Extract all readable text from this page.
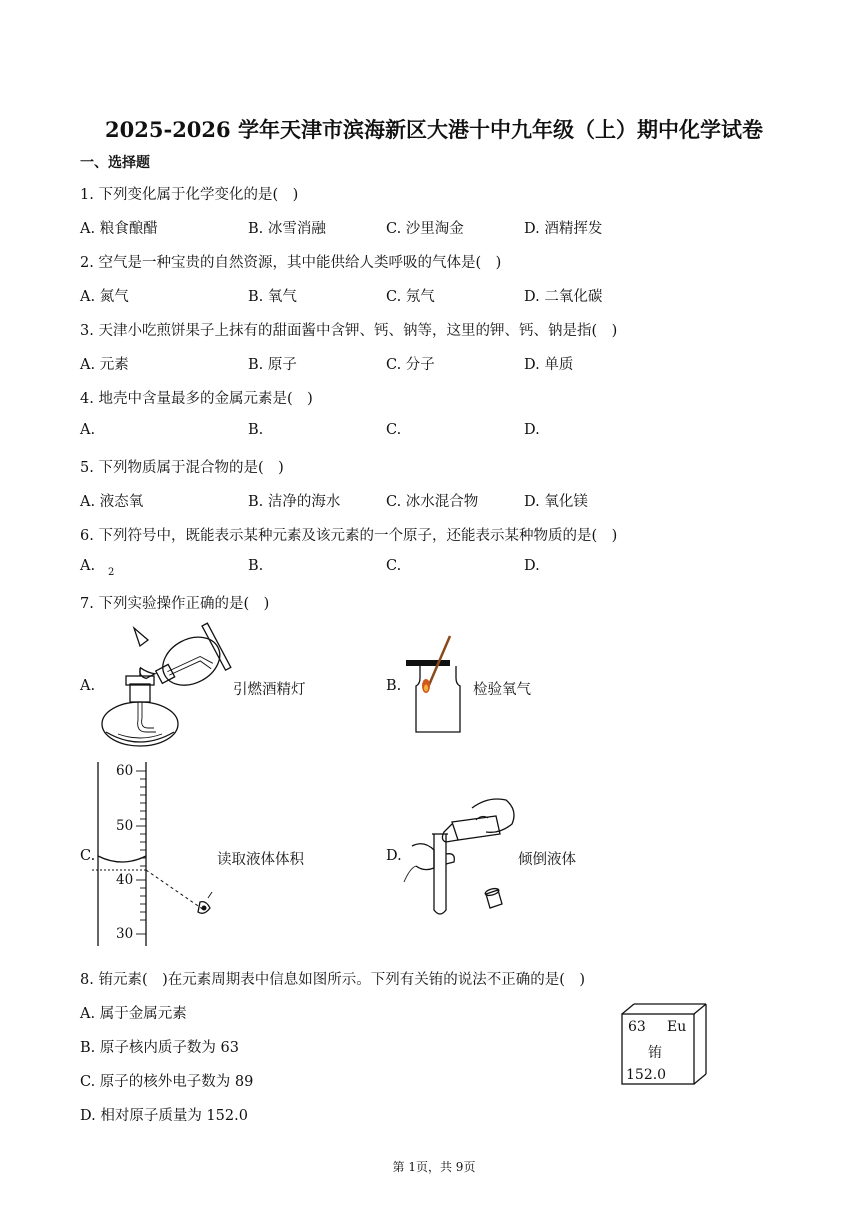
2025-2026 学年天津市滨海新区大港十中九年级（上）期中化学试卷
一、选择题
1. 下列变化属于化学变化的是(　)
A. 粮食酿醋	B. 冰雪消融	C. 沙里淘金	D. 酒精挥发
2. 空气是一种宝贵的自然资源，其中能供给人类呼吸的气体是(　)
A. 氮气	B. 氧气	C. 氖气	D. 二氧化碳
3. 天津小吃煎饼果子上抹有的甜面酱中含钾、钙、钠等，这里的钾、钙、钠是指(　)
A. 元素	B. 原子	C. 分子	D. 单质
4. 地壳中含量最多的金属元素是(　)
A.	B.	C.	D.
5. 下列物质属于混合物的是(　)
A. 液态氧	B. 洁净的海水	C. 冰水混合物	D. 氧化镁
6. 下列符号中，既能表示某种元素及该元素的一个原子，还能表示某种物质的是(　)
A. 2	B.	C.	D.
7. 下列实验操作正确的是(　)
A.	引燃酒精灯	B.	检验氧气
C.
60
50
40
30
读取液体体积	D.	倾倒液体
8. 铕元素(　)在元素周期表中信息如图所示。下列有关铕的说法不正确的是(　)
A. 属于金属元素
B. 原子核内质子数为 63
C. 原子的核外电子数为 89
D. 相对原子质量为 152.0
63 Eu
铕
152.0
第 1页，共 9页
